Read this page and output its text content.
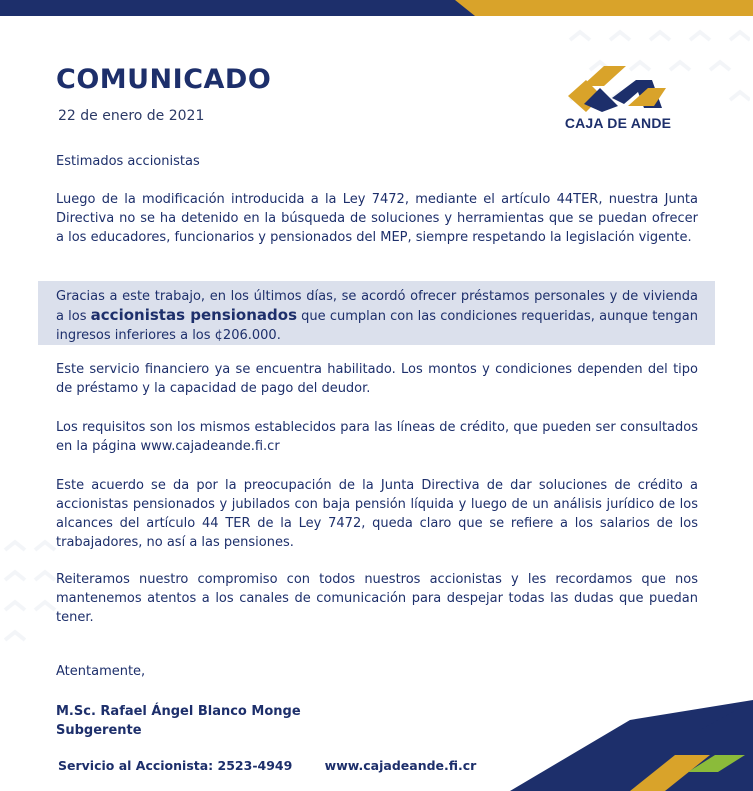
COMUNICADO
22 de enero de 2021	CAJA DE ANDE

Estimados accionistas

Luego de la modificación introducida a la Ley 7472, mediante el artícuIo 44TER, nuestra Junta Directiva no se ha detenido en la búsqueda de soluciones y herramientas que se puedan ofrecer a los educadores, funcionarios y pensionados del MEP, siempre respetando la legislación vigente.

Gracias a este trabajo, en los últimos días, se acordó ofrecer préstamos personales y de vivienda a los accionistas pensionados que cumplan con las condiciones requeridas, aunque tengan ingresos inferiores a los ¢206.000.

Este servicio financiero ya se encuentra habilitado. Los montos y condiciones dependen del tipo de préstamo y la capacidad de pago del deudor.

Los requisitos son los mismos establecidos para las líneas de crédito, que pueden ser consultados en la página www.cajadeande.fi.cr

Este acuerdo se da por la preocupación de la Junta Directiva de dar soluciones de crédito a accionistas pensionados y jubilados con baja pensión líquida y luego de un análisis jurídico de los alcances del artículo 44 TER de la Ley 7472, queda claro que se refiere a los salarios de los trabajadores, no así a las pensiones.

Reiteramos nuestro compromiso con todos nuestros accionistas y les recordamos que nos mantenemos atentos a los canales de comunicación para despejar todas las dudas que puedan tener.

Atentamente,
M.Sc. Rafael Ángel Blanco Monge
Subgerente
Servicio al Accionista: 2523-4949	www.cajadeande.fi.cr
